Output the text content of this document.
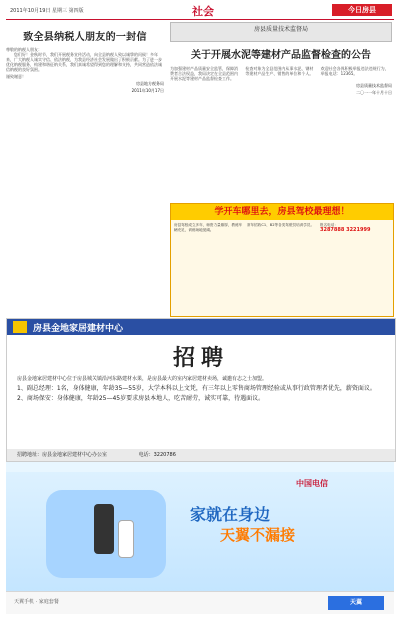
2011年10月19日 星期三 第四版	社会	今日房县
致全县纳税人朋友的一封信
尊敬的纳税人朋友：
您们好！金秋时节，我们开展税务宣传活动，向全县纳税人致以诚挚的问候！多年来，广大纳税人诚实守信、依法纳税，为我县经济社会发展做出了积极贡献。为了进一步优化纳税服务，构建和谐征纳关系，我们真诚希望得到您的理解和支持，共同营造依法诚信纳税的良好氛围。
谨致谢意！
房县地方税务局
2011年10月17日
房县质量技术监督局
关于开展水泥等建材产品监督检查的公告
为加强建材产品质量安全监管，保障消费者合法权益，我局决定在全县范围内开展水泥等建材产品监督检查工作。
检查对象为全县范围内从事水泥、钢材等建材产品生产、销售的单位和个人。
欢迎社会各界积极举报违法违规行为，举报电话：12365。
房县质量技术监督局
二〇一一年十月十日
学开车哪里去，房县驾校最理想！
房县驾校成立多年，师资力量雄厚，教练车辆充足，训练场地宽阔。
常年招收C1、B2等各类驾驶员培训学员。	报名电话：
3287888 3221999
房县金地家居建材中心
招聘
房县金地家居建材中心位于房县城关镇沿河东路建材水果，是房县最大的室内家居建材卖场，诚邀有志之士加盟。
1、副总经理：1名，身体健康，年龄35—55岁，大学本科以上文凭，有三年以上零售商场管理经验或从事行政管理者优先，薪资面议。
2、商场保安：身体健康，年龄25—45岁要求房县本地人，吃苦耐劳，诚实可靠，待遇面议。
招聘地址：房县金地家居建材中心办公室	电话：3220786
中国电信
家就在身边
天翼不漏接
天翼手机 · 家庭套餐	天翼
